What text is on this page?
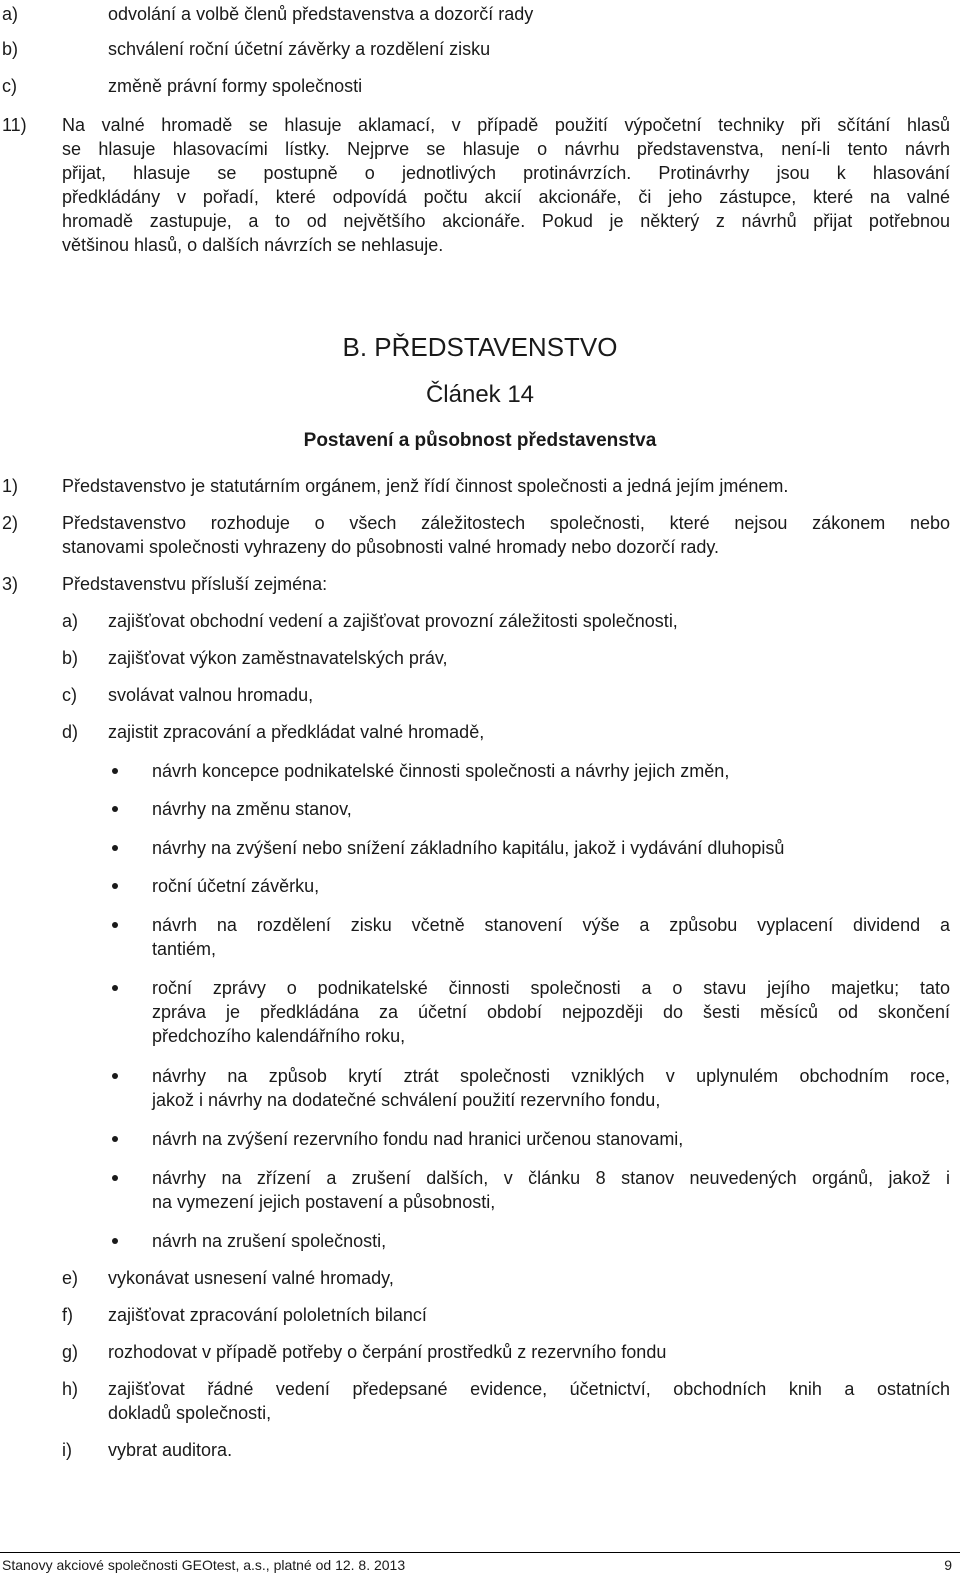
a)	odvolání a volbě členů představenstva a dozorčí rady
b)	schválení roční účetní závěrky a rozdělení zisku
c)	změně právní formy společnosti
11) Na valné hromadě se hlasuje aklamací, v případě použití výpočetní techniky při sčítání hlasů
se hlasuje hlasovacími lístky. Nejprve se hlasuje o návrhu představenstva, není-li tento návrh
přijat, hlasuje se postupně o jednotlivých protinávrzích. Protinávrhy jsou k hlasování
předkládány v pořadí, které odpovídá počtu akcií akcionáře, či jeho zástupce, které na valné
hromadě zastupuje, a to od největšího akcionáře. Pokud je některý z návrhů přijat potřebnou
většinou hlasů, o dalších návrzích se nehlasuje.
B. PŘEDSTAVENSTVO
Článek 14
Postavení a působnost představenstva
1) Představenstvo je statutárním orgánem, jenž řídí činnost společnosti a jedná jejím jménem.
2) Představenstvo rozhoduje o všech záležitostech společnosti, které nejsou zákonem nebo
stanovami společnosti vyhrazeny do působnosti valné hromady nebo dozorčí rady.
3) Představenstvu přísluší zejména:
a) zajišťovat obchodní vedení a zajišťovat provozní záležitosti společnosti,
b) zajišťovat výkon zaměstnavatelských práv,
c) svolávat valnou hromadu,
d) zajistit zpracování a předkládat valné hromadě,
návrh koncepce podnikatelské činnosti společnosti a návrhy jejich změn,
návrhy na změnu stanov,
návrhy na zvýšení nebo snížení základního kapitálu, jakož i vydávání dluhopisů
roční účetní závěrku,
návrh na rozdělení zisku včetně stanovení výše a způsobu vyplacení dividend a
tantiém,
roční zprávy o podnikatelské činnosti společnosti a o stavu jejího majetku; tato
zpráva je předkládána za účetní období nejpozději do šesti měsíců od skončení
předchozího kalendářního roku,
návrhy na způsob krytí ztrát společnosti vzniklých v uplynulém obchodním roce,
jakož i návrhy na dodatečné schválení použití rezervního fondu,
návrh na zvýšení rezervního fondu nad hranici určenou stanovami,
návrhy na zřízení a zrušení dalších, v článku 8 stanov neuvedených orgánů, jakož i
na vymezení jejich postavení a působnosti,
návrh na zrušení společnosti,
e) vykonávat usnesení valné hromady,
f) zajišťovat zpracování pololetních bilancí
g) rozhodovat v případě potřeby o čerpání prostředků z rezervního fondu
h) zajišťovat řádné vedení předepsané evidence, účetnictví, obchodních knih a ostatních
dokladů společnosti,
i) vybrat auditora.
Stanovy akciové společnosti GEOtest, a.s., platné od 12. 8. 2013	9
